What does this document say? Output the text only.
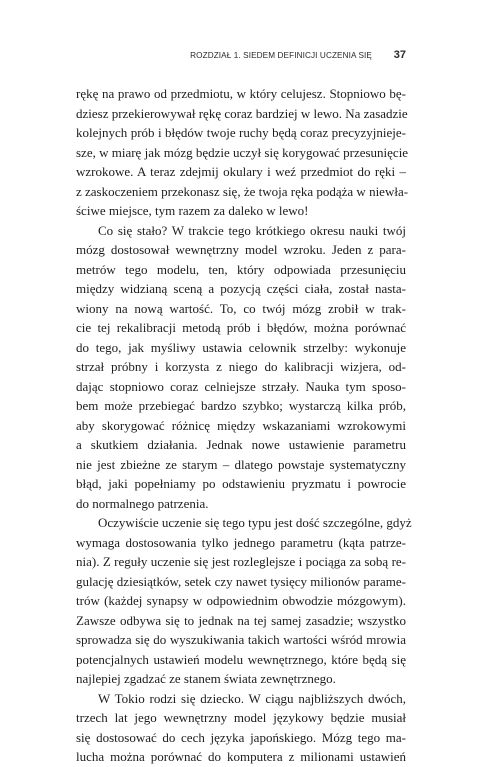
ROZDZIAŁ 1. SIEDEM DEFINICJI UCZENIA SIĘ 37

rękę na prawo od przedmiotu, w który celujesz. Stopniowo bę-
dziesz przekierowywał rękę coraz bardziej w lewo. Na zasadzie
kolejnych prób i błędów twoje ruchy będą coraz precyzyjnieje-
sze, w miarę jak mózg będzie uczył się korygować przesunięcie
wzrokowe. A teraz zdejmij okulary i weź przedmiot do ręki –
z zaskoczeniem przekonasz się, że twoja ręka podąża w niewła-
ściwe miejsce, tym razem za daleko w lewo!

Co się stało? W trakcie tego krótkiego okresu nauki twój
mózg dostosował wewnętrzny model wzroku. Jeden z para-
metrów tego modelu, ten, który odpowiada przesunięciu
między widzianą sceną a pozycją części ciała, został nasta-
wiony na nową wartość. To, co twój mózg zrobił w trak-
cie tej rekalibracji metodą prób i błędów, można porównać
do tego, jak myśliwy ustawia celownik strzelby: wykonuje
strzał próbny i korzysta z niego do kalibracji wizjera, od-
dając stopniowo coraz celniejsze strzały. Nauka tym sposo-
bem może przebiegać bardzo szybko; wystarczą kilka prób,
aby skorygować różnicę między wskazaniami wzrokowymi
a skutkiem działania. Jednak nowe ustawienie parametru
nie jest zbieżne ze starym – dlatego powstaje systematyczny
błąd, jaki popełniamy po odstawieniu pryzmatu i powrocie
do normalnego patrzenia.

Oczywiście uczenie się tego typu jest dość szczególne, gdyż
wymaga dostosowania tylko jednego parametru (kąta patrze-
nia). Z reguły uczenie się jest rozleglejsze i pociąga za sobą re-
gulację dziesiątków, setek czy nawet tysięcy milionów parame-
trów (każdej synapsy w odpowiednim obwodzie mózgowym).
Zawsze odbywa się to jednak na tej samej zasadzie; wszystko
sprowadza się do wyszukiwania takich wartości wśród mrowia
potencjalnych ustawień modelu wewnętrznego, które będą się
najlepiej zgadzać ze stanem świata zewnętrznego.

W Tokio rodzi się dziecko. W ciągu najbliższych dwóch,
trzech lat jego wewnętrzny model językowy będzie musiał
się dostosować do cech języka japońskiego. Mózg tego ma-
lucha można porównać do komputera z milionami ustawień
